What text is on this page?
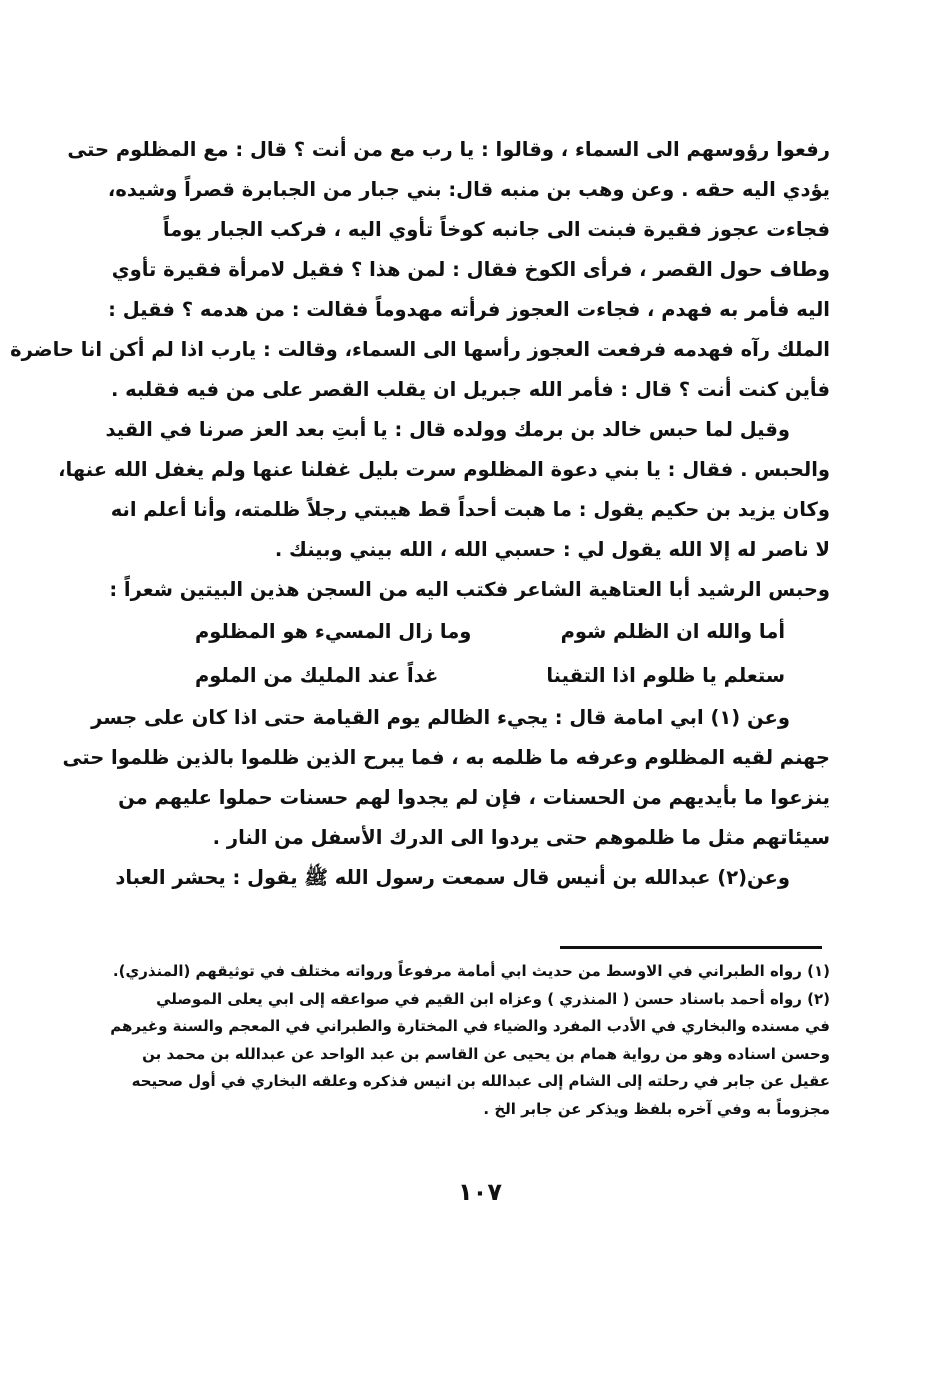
رفعوا رؤوسهم الى السماء ، وقالوا : يا رب مع من أنت ؟ قال : مع المظلوم حتى
يؤدي اليه حقه . وعن وهب بن منبه قال: بني جبار من الجبابرة قصراً وشيده،
فجاءت عجوز فقيرة فبنت الى جانبه كوخاً تأوي اليه ، فركب الجبار يوماً
وطاف حول القصر ، فرأى الكوخ فقال : لمن هذا ؟ فقيل لامرأة فقيرة تأوي
اليه فأمر به فهدم ، فجاءت العجوز فرأته مهدوماً فقالت : من هدمه ؟ فقيل :
الملك رآه فهدمه فرفعت العجوز رأسها الى السماء، وقالت : يارب اذا لم أكن انا حاضرة
فأين كنت أنت ؟ قال : فأمر الله جبريل ان يقلب القصر على من فيه فقلبه .
وقيل لما حبس خالد بن برمك وولده قال : يا أبتِ بعد العز صرنا في القيد
والحبس . فقال : يا بني دعوة المظلوم سرت بليل غفلنا عنها ولم يغفل الله عنها،
وكان يزيد بن حكيم يقول : ما هبت أحداً قط هيبتي رجلاً ظلمته، وأنا أعلم انه
لا ناصر له إلا الله يقول لي : حسبي الله ، الله بيني وبينك .
وحبس الرشيد أبا العتاهية الشاعر فكتب اليه من السجن هذين البيتين شعراً :
أما والله ان الظلم شوم
وما زال المسيء هو المظلوم
ستعلم يا ظلوم اذا التقينا
غداً عند المليك من الملوم
وعن (١) ابي امامة قال : يجيء الظالم يوم القيامة حتى اذا كان على جسر
جهنم لقيه المظلوم وعرفه ما ظلمه به ، فما يبرح الذين ظلموا بالذين ظلموا حتى
ينزعوا ما بأيديهم من الحسنات ، فإن لم يجدوا لهم حسنات حملوا عليهم من
سيئاتهم مثل ما ظلموهم حتى يردوا الى الدرك الأسفل من النار .
وعن(٢) عبدالله بن أنيس قال سمعت رسول الله ﷺ يقول : يحشر العباد
(١) رواه الطبراني في الاوسط من حديث ابي أمامة مرفوعاً ورواته مختلف في توثيقهم (المنذري).
(٢) رواه أحمد باسناد حسن ( المنذري ) وعزاه ابن القيم في صواعقه إلى ابي يعلى الموصلي
في مسنده والبخاري في الأدب المفرد والضياء في المختارة والطبراني في المعجم والسنة وغيرهم
وحسن اسناده وهو من رواية همام بن يحيى عن القاسم بن عبد الواحد عن عبدالله بن محمد بن
عقيل عن جابر في رحلته إلى الشام إلى عبدالله بن انيس فذكره وعلقه البخاري في أول صحيحه
مجزوماً به وفي آخره بلفظ ويذكر عن جابر الخ .
١٠٧
